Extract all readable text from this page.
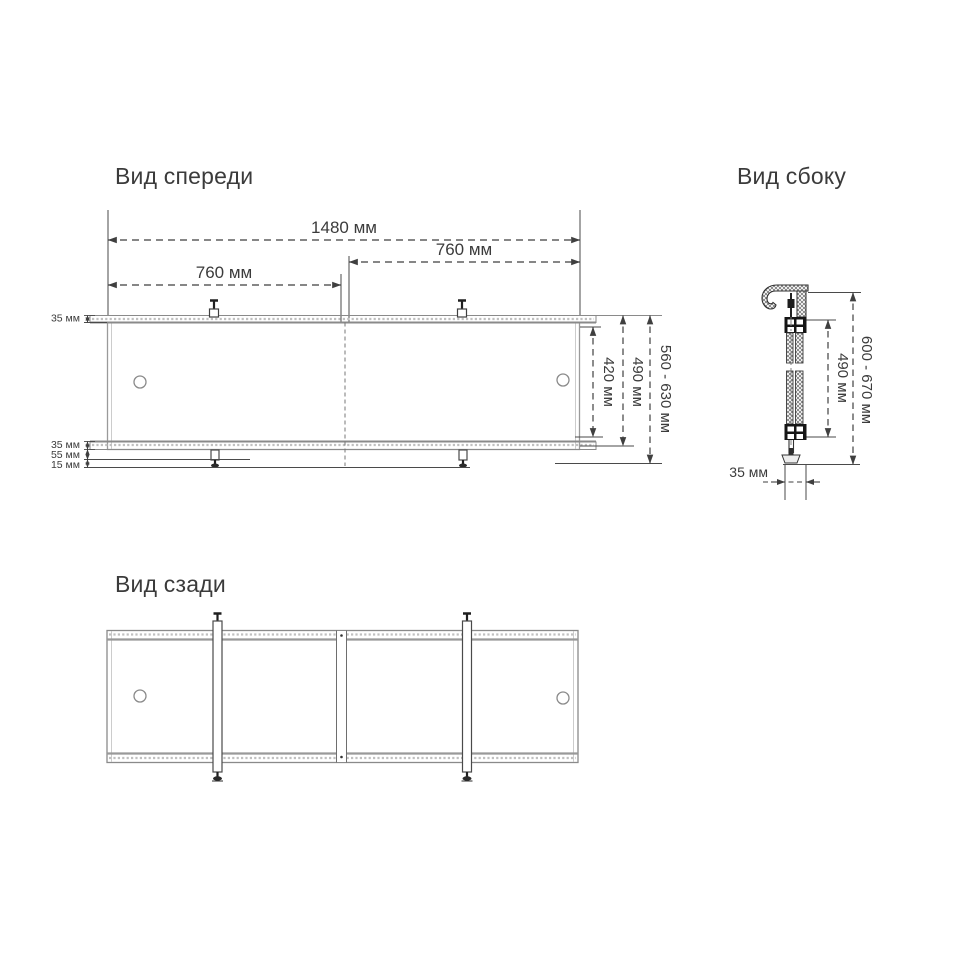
Вид спереди
1480 мм
760 мм
760 мм
35 мм
35 мм
55 мм
15 мм
420 мм 490 мм 560 - 630 мм
Вид сбоку
490 мм 600 - 670 мм
35 мм
Вид сзади
